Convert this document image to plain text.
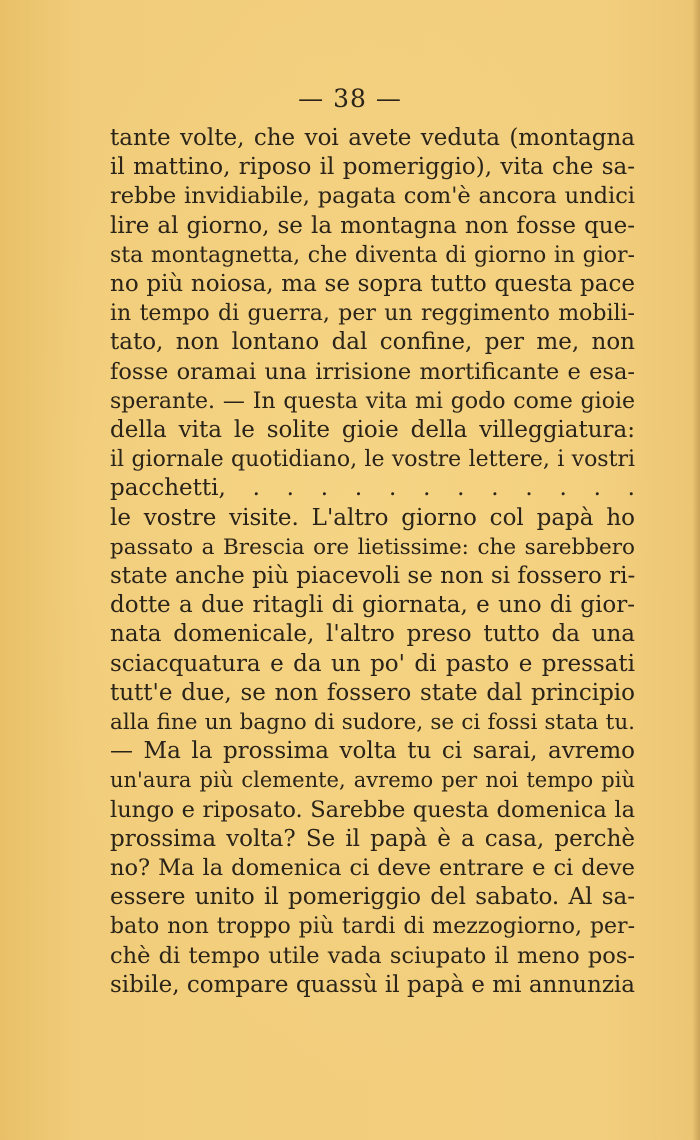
— 38 —
tante volte, che voi avete veduta (montagna
il mattino, riposo il pomeriggio), vita che sa-
rebbe invidiabile, pagata com'è ancora undici
lire al giorno, se la montagna non fosse que-
sta montagnetta, che diventa di giorno in gior-
no più noiosa, ma se sopra tutto questa pace
in tempo di guerra, per un reggimento mobili-
tato, non lontano dal confine, per me, non
fosse oramai una irrisione mortificante e esa-
sperante. — In questa vita mi godo come gioie
della vita le solite gioie della villeggiatura:
il giornale quotidiano, le vostre lettere, i vostri
pacchetti, . . . . . . . . . . . .
le vostre visite. L'altro giorno col papà ho
passato a Brescia ore lietissime: che sarebbero
state anche più piacevoli se non si fossero ri-
dotte a due ritagli di giornata, e uno di gior-
nata domenicale, l'altro preso tutto da una
sciacquatura e da un po' di pasto e pressati
tutt'e due, se non fossero state dal principio
alla fine un bagno di sudore, se ci fossi stata tu.
— Ma la prossima volta tu ci sarai, avremo
un'aura più clemente, avremo per noi tempo più
lungo e riposato. Sarebbe questa domenica la
prossima volta? Se il papà è a casa, perchè
no? Ma la domenica ci deve entrare e ci deve
essere unito il pomeriggio del sabato. Al sa-
bato non troppo più tardi di mezzogiorno, per-
chè di tempo utile vada sciupato il meno pos-
sibile, compare quassù il papà e mi annunzia
